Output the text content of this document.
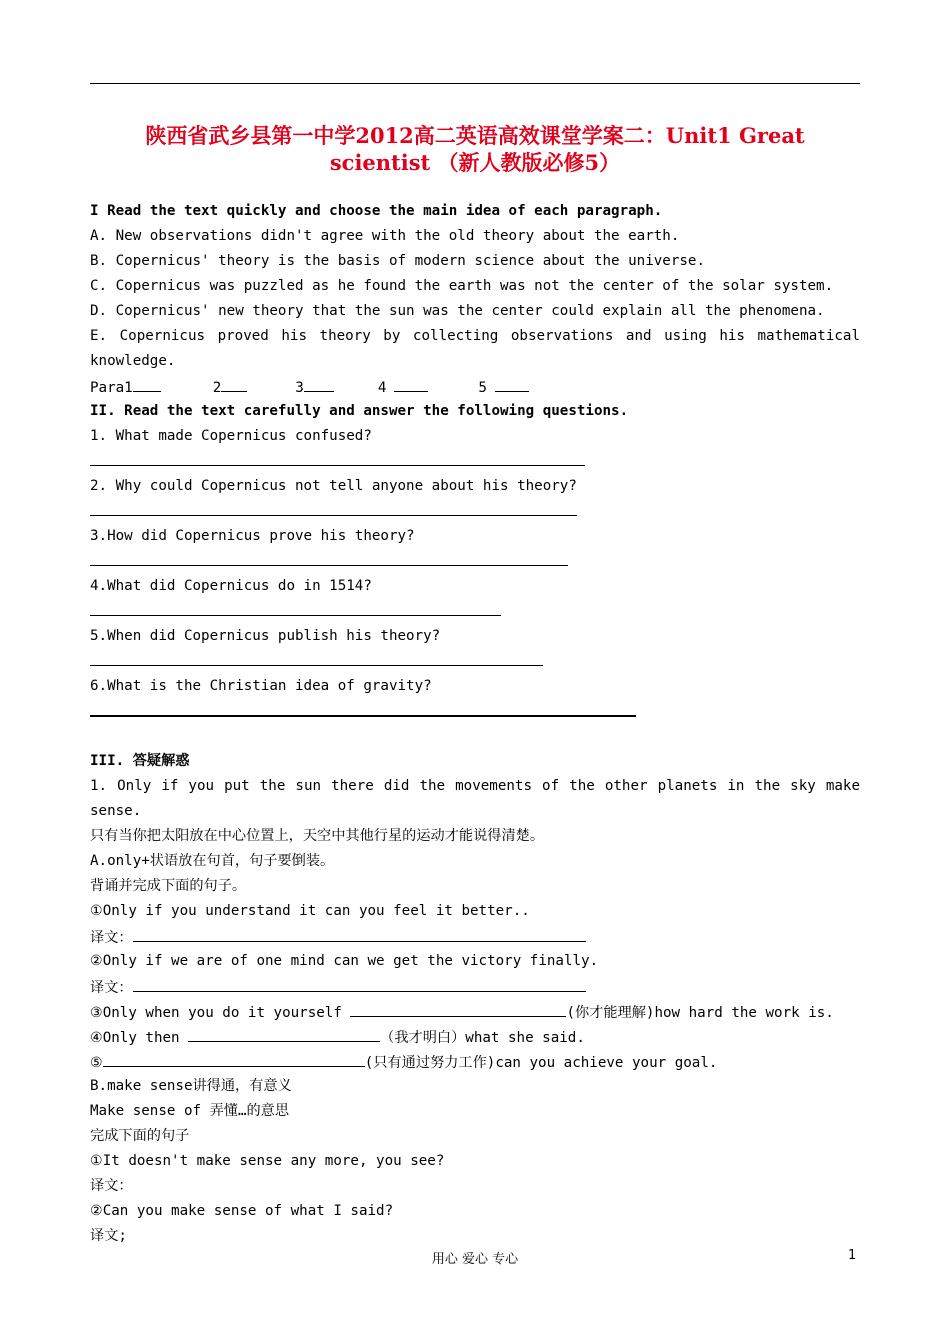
陕西省武乡县第一中学2012高二英语高效课堂学案二：Unit1 Great
scientist （新人教版必修5）
I Read the text quickly and choose the main idea of each paragraph.
A. New observations didn't agree with the old theory about the earth.
B. Copernicus' theory is the basis of modern science about the universe.
C. Copernicus was puzzled as he found the earth was not the center of the solar system.
D. Copernicus' new theory that the sun was the center could explain all the phenomena.
E. Copernicus proved his theory by collecting observations and using his mathematical
knowledge.
Para1	2	3	4	5
II. Read the text carefully and answer the following questions.
1. What made Copernicus confused?
2. Why could Copernicus not tell anyone about his theory?
3.How did Copernicus prove his theory?
4.What did Copernicus do in 1514?
5.When did Copernicus publish his theory?
6.What is the Christian idea of gravity?
III. 答疑解惑
1. Only if you put the sun there did the movements of the other planets in the sky make
sense.
只有当你把太阳放在中心位置上，天空中其他行星的运动才能说得清楚。
A.only+状语放在句首，句子要倒装。
背诵并完成下面的句子。
①Only if you understand it can you feel it better..
译文：
②Only if we are of one mind can we get the victory finally.
译文：
③Only when you do it yourself	(你才能理解)how hard the work is.
④Only then	（我才明白）what she said.
⑤	(只有通过努力工作)can you achieve your goal.
B.make sense讲得通，有意义
Make sense of 弄懂…的意思
完成下面的句子
①It doesn't make sense any more, you see?
译文：
②Can you make sense of what I said?
译文;
用心 爱心 专心	1
